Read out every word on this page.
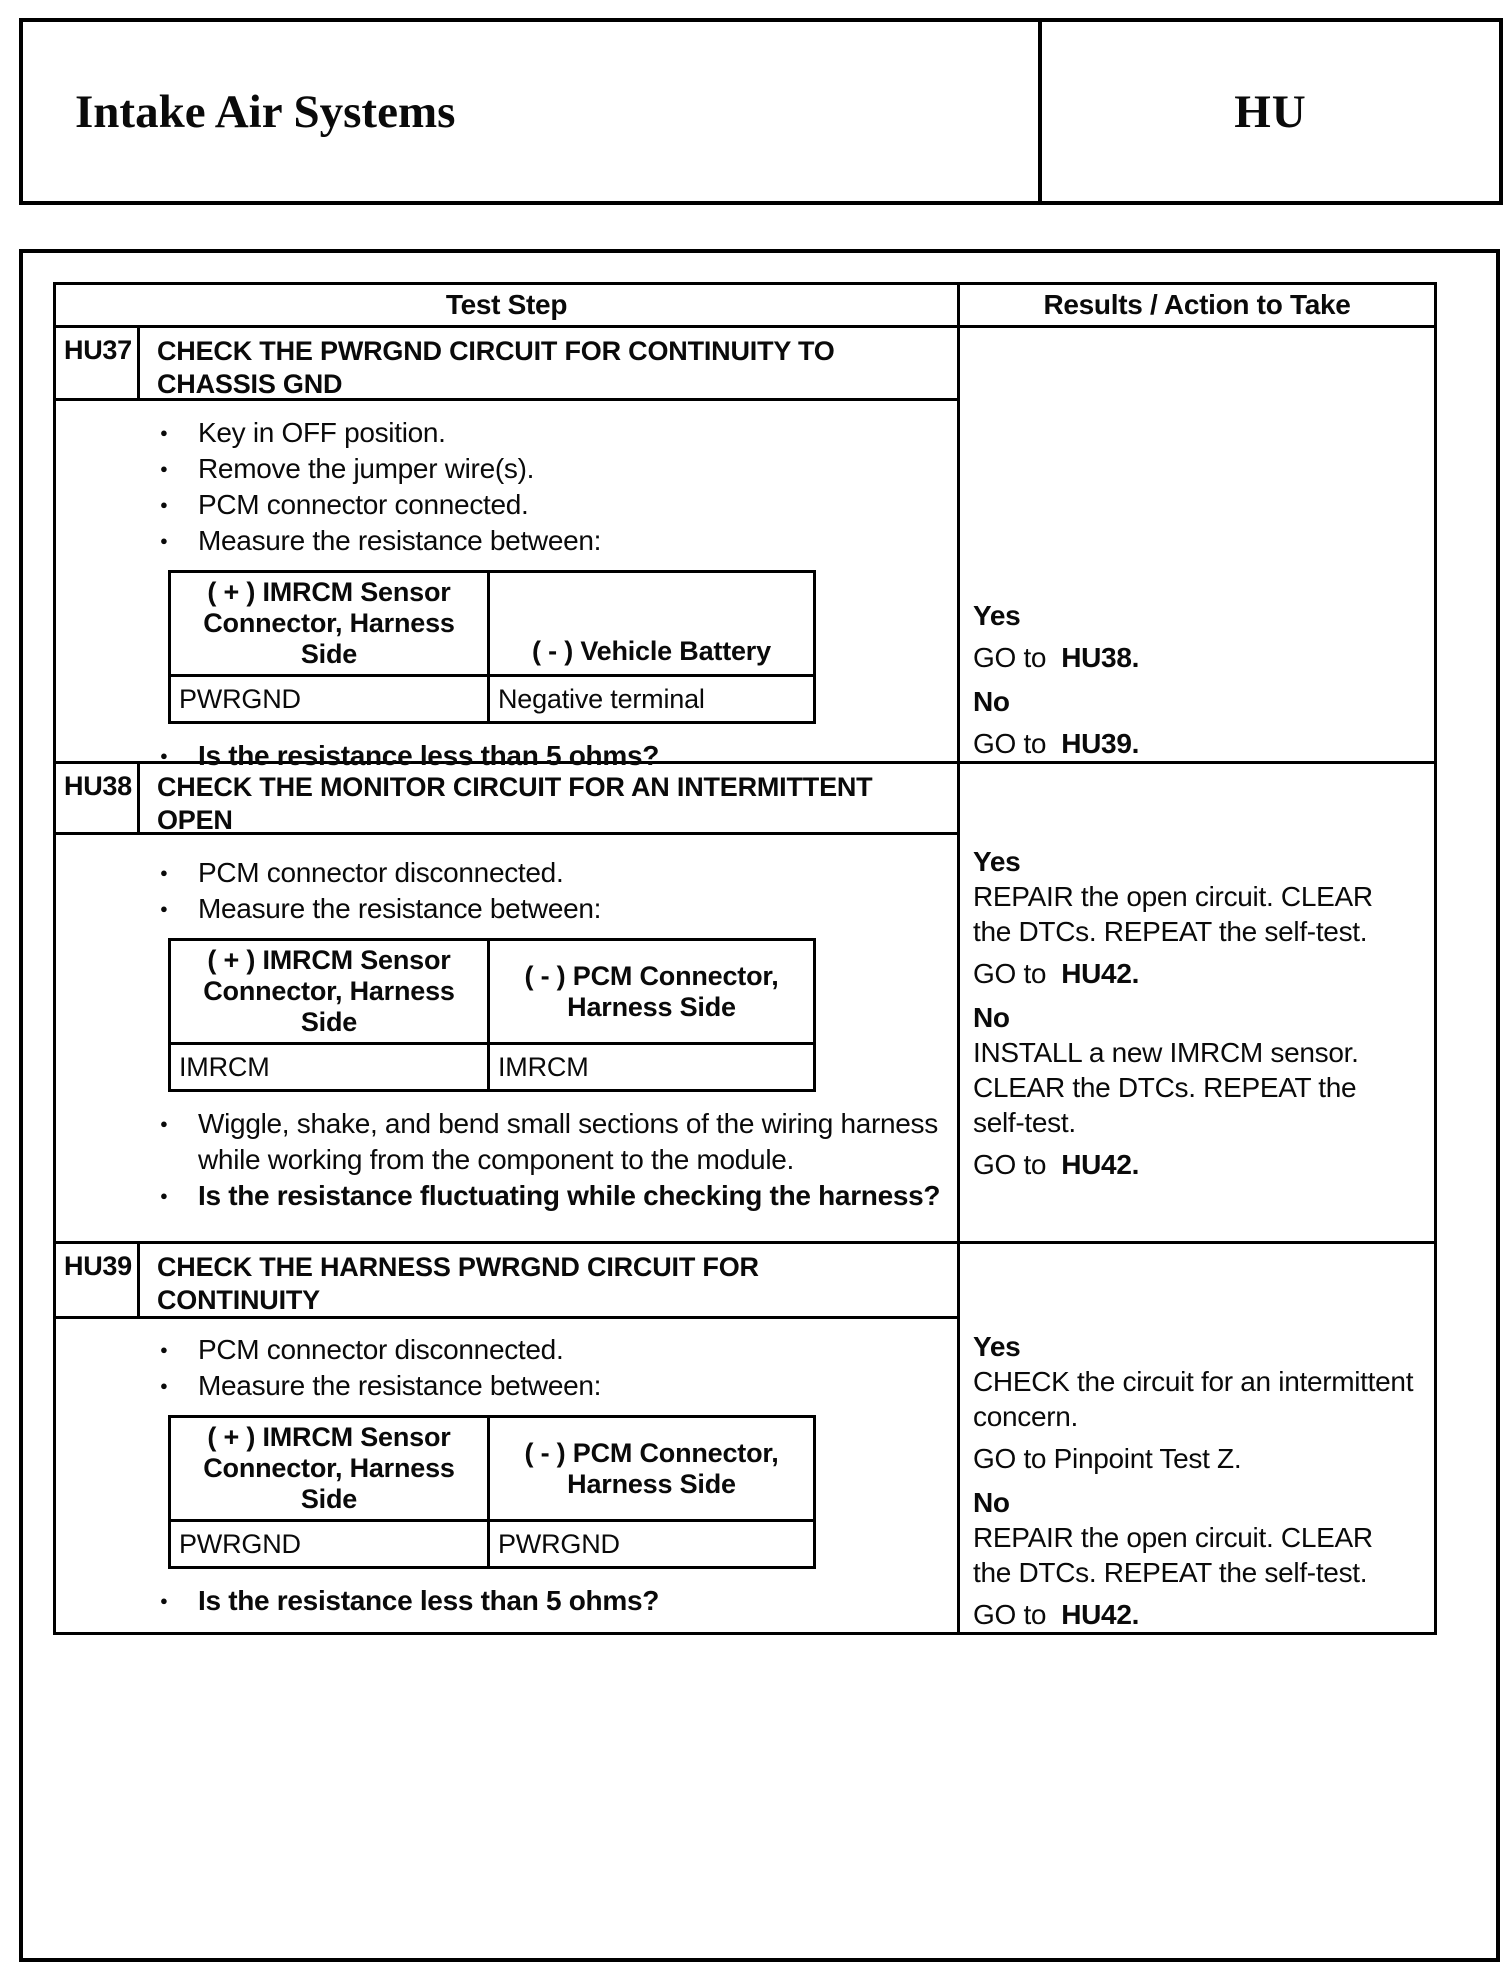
Intake Air Systems	HU
Test Step	Results / Action to Take
HU37 CHECK THE PWRGND CIRCUIT FOR CONTINUITY TO CHASSIS GND
● Key in OFF position.
● Remove the jumper wire(s).
● PCM connector connected.
● Measure the resistance between:
( + ) IMRCM Sensor Connector, Harness Side	( - ) Vehicle Battery
PWRGND	Negative terminal
● Is the resistance less than 5 ohms?
Yes
GO to HU38.
No
GO to HU39.
HU38 CHECK THE MONITOR CIRCUIT FOR AN INTERMITTENT OPEN
● PCM connector disconnected.
● Measure the resistance between:
( + ) IMRCM Sensor Connector, Harness Side	( - ) PCM Connector, Harness Side
IMRCM	IMRCM
● Wiggle, shake, and bend small sections of the wiring harness while working from the component to the module.
● Is the resistance fluctuating while checking the harness?
Yes
REPAIR the open circuit. CLEAR the DTCs. REPEAT the self-test.
GO to HU42.
No
INSTALL a new IMRCM sensor. CLEAR the DTCs. REPEAT the self-test.
GO to HU42.
HU39 CHECK THE HARNESS PWRGND CIRCUIT FOR CONTINUITY
● PCM connector disconnected.
● Measure the resistance between:
( + ) IMRCM Sensor Connector, Harness Side	( - ) PCM Connector, Harness Side
PWRGND	PWRGND
● Is the resistance less than 5 ohms?
Yes
CHECK the circuit for an intermittent concern.
GO to Pinpoint Test Z.
No
REPAIR the open circuit. CLEAR the DTCs. REPEAT the self-test.
GO to HU42.
